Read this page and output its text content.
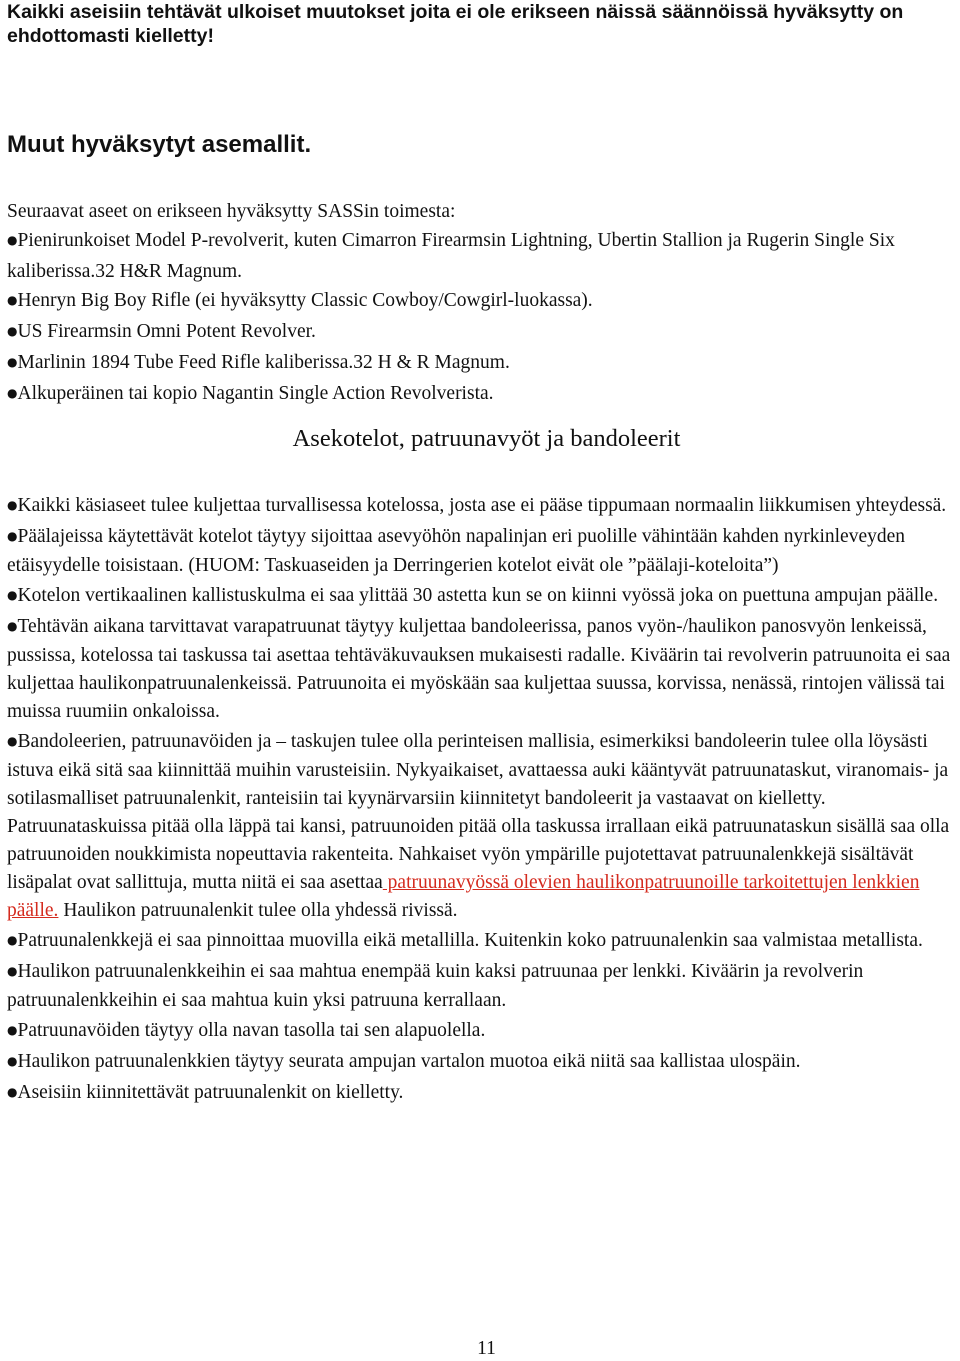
Kaikki aseisiin tehtävät ulkoiset muutokset joita ei ole erikseen näissä säännöissä hyväksytty on ehdottomasti kielletty!

Muut hyväksytyt asemallit.

Seuraavat aseet on erikseen hyväksytty SASSin toimesta:

●Pienirunkoiset Model P-revolverit, kuten Cimarron Firearmsin Lightning, Ubertin Stallion ja Rugerin Single Six kaliberissa.32 H&R Magnum.

●Henryn Big Boy Rifle (ei hyväksytty Classic Cowboy/Cowgirl-luokassa).

●US Firearmsin Omni Potent Revolver.

●Marlinin 1894 Tube Feed Rifle kaliberissa.32 H & R Magnum.

●Alkuperäinen tai kopio Nagantin Single Action Revolverista.

Asekotelot, patruunavyöt ja bandoleerit

●Kaikki käsiaseet tulee kuljettaa turvallisessa kotelossa, josta ase ei pääse tippumaan normaalin liikkumisen yhteydessä.

●Päälajeissa käytettävät kotelot täytyy sijoittaa asevyöhön napalinjan eri puolille vähintään kahden nyrkinleveyden etäisyydelle toisistaan. (HUOM: Taskuaseiden ja Derringerien kotelot eivät ole ”päälaji-koteloita”)

●Kotelon vertikaalinen kallistuskulma ei saa ylittää 30 astetta kun se on kiinni vyössä joka on puettuna ampujan päälle.

●Tehtävän aikana tarvittavat varapatruunat täytyy kuljettaa bandoleerissa, panos vyön-/haulikon panosvyön lenkeissä, pussissa, kotelossa tai taskussa tai asettaa tehtäväkuvauksen mukaisesti radalle. Kiväärin tai revolverin patruunoita ei saa kuljettaa haulikonpatruunalenkeissä. Patruunoita ei myöskään saa kuljettaa suussa, korvissa, nenässä, rintojen välissä tai muissa ruumiin onkaloissa.

●Bandoleerien, patruunavöiden ja – taskujen tulee olla perinteisen mallisia, esimerkiksi bandoleerin tulee olla löysästi istuva eikä sitä saa kiinnittää muihin varusteisiin. Nykyaikaiset, avattaessa auki kääntyvät patruunataskut, viranomais- ja sotilasmalliset patruunalenkit, ranteisiin tai kyynärvarsiin kiinnitetyt bandoleerit ja vastaavat on kielletty. Patruunataskuissa pitää olla läppä tai kansi, patruunoiden pitää olla taskussa irrallaan eikä patruunataskun sisällä saa olla patruunoiden noukkimista nopeuttavia rakenteita. Nahkaiset vyön ympärille pujotettavat patruunalenkkejä sisältävät lisäpalat ovat sallittuja, mutta niitä ei saa asettaa patruunavyössä olevien haulikonpatruunoille tarkoitettujen lenkkien päälle. Haulikon patruunalenkit tulee olla yhdessä rivissä.

●Patruunalenkkejä ei saa pinnoittaa muovilla eikä metallilla. Kuitenkin koko patruunalenkin saa valmistaa metallista.

●Haulikon patruunalenkkeihin ei saa mahtua enempää kuin kaksi patruunaa per lenkki. Kiväärin ja revolverin patruunalenkkeihin ei saa mahtua kuin yksi patruuna kerrallaan.

●Patruunavöiden täytyy olla navan tasolla tai sen alapuolella.

●Haulikon patruunalenkkien täytyy seurata ampujan vartalon muotoa eikä niitä saa kallistaa ulospäin.

●Aseisiin kiinnitettävät patruunalenkit on kielletty.

11
